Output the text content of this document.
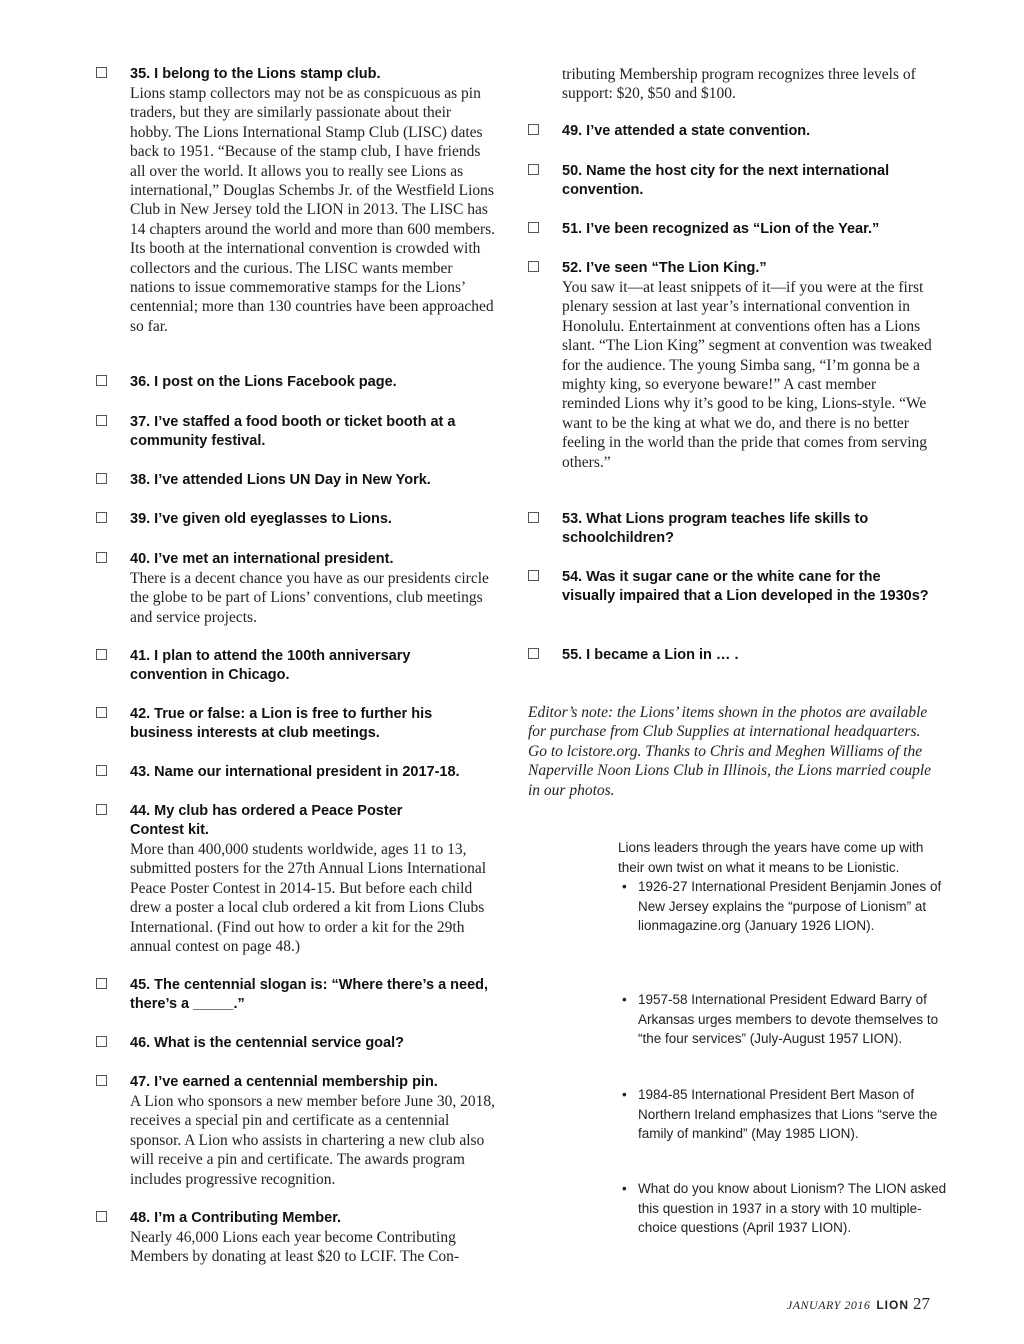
35. I belong to the Lions stamp club.
Lions stamp collectors may not be as conspicuous as pin traders, but they are similarly passionate about their hobby. The Lions International Stamp Club (LISC) dates back to 1951. “Because of the stamp club, I have friends all over the world. It allows you to really see Lions as international,” Douglas Schembs Jr. of the Westfield Lions Club in New Jersey told the LION in 2013. The LISC has 14 chapters around the world and more than 600 members. Its booth at the international convention is crowded with collectors and the curious. The LISC wants member nations to issue commemorative stamps for the Lions’ centennial; more than 130 countries have been approached so far.
36. I post on the Lions Facebook page.
37. I’ve staffed a food booth or ticket booth at a community festival.
38. I’ve attended Lions UN Day in New York.
39. I’ve given old eyeglasses to Lions.
40. I’ve met an international president.
There is a decent chance you have as our presidents circle the globe to be part of Lions’ conventions, club meetings and service projects.
41. I plan to attend the 100th anniversary convention in Chicago.
42. True or false: a Lion is free to further his business interests at club meetings.
43. Name our international president in 2017-18.
44. My club has ordered a Peace Poster Contest kit.
More than 400,000 students worldwide, ages 11 to 13, submitted posters for the 27th Annual Lions International Peace Poster Contest in 2014-15. But before each child drew a poster a local club ordered a kit from Lions Clubs International. (Find out how to order a kit for the 29th annual contest on page 48.)
45. The centennial slogan is: “Where there’s a need, there’s a _____.”
46. What is the centennial service goal?
47. I’ve earned a centennial membership pin.
A Lion who sponsors a new member before June 30, 2018, receives a special pin and certificate as a centennial sponsor. A Lion who assists in chartering a new club also will receive a pin and certificate. The awards program includes progressive recognition.
48. I’m a Contributing Member.
Nearly 46,000 Lions each year become Contributing Members by donating at least $20 to LCIF. The Con-
tributing Membership program recognizes three levels of support: $20, $50 and $100.
49. I’ve attended a state convention.
50. Name the host city for the next international convention.
51. I’ve been recognized as “Lion of the Year.”
52. I’ve seen “The Lion King.”
You saw it—at least snippets of it—if you were at the first plenary session at last year’s international convention in Honolulu. Entertainment at conventions often has a Lions slant. “The Lion King” segment at convention was tweaked for the audience. The young Simba sang, “I’m gonna be a mighty king, so everyone beware!” A cast member reminded Lions why it’s good to be king, Lions-style. “We want to be the king at what we do, and there is no better feeling in the world than the pride that comes from serving others.”
53. What Lions program teaches life skills to schoolchildren?
54. Was it sugar cane or the white cane for the visually impaired that a Lion developed in the 1930s?
55. I became a Lion in … .
Editor’s note: the Lions’ items shown in the photos are available for purchase from Club Supplies at international headquarters. Go to lcistore.org. Thanks to Chris and Meghen Williams of the Naperville Noon Lions Club in Illinois, the Lions married couple in our photos.

Lions leaders through the years have come up with their own twist on what it means to be Lionistic.

• 1926-27 International President Benjamin Jones of New Jersey explains the “purpose of Lionism” at lionmagazine.org (January 1926 LION).
• 1957-58 International President Edward Barry of Arkansas urges members to devote themselves to “the four services” (July-August 1957 LION).
• 1984-85 International President Bert Mason of Northern Ireland emphasizes that Lions “serve the family of mankind” (May 1985 LION).
• What do you know about Lionism? The LION asked this question in 1937 in a story with 10 multiple-choice questions (April 1937 LION).
JANUARY 2016 LION 27
